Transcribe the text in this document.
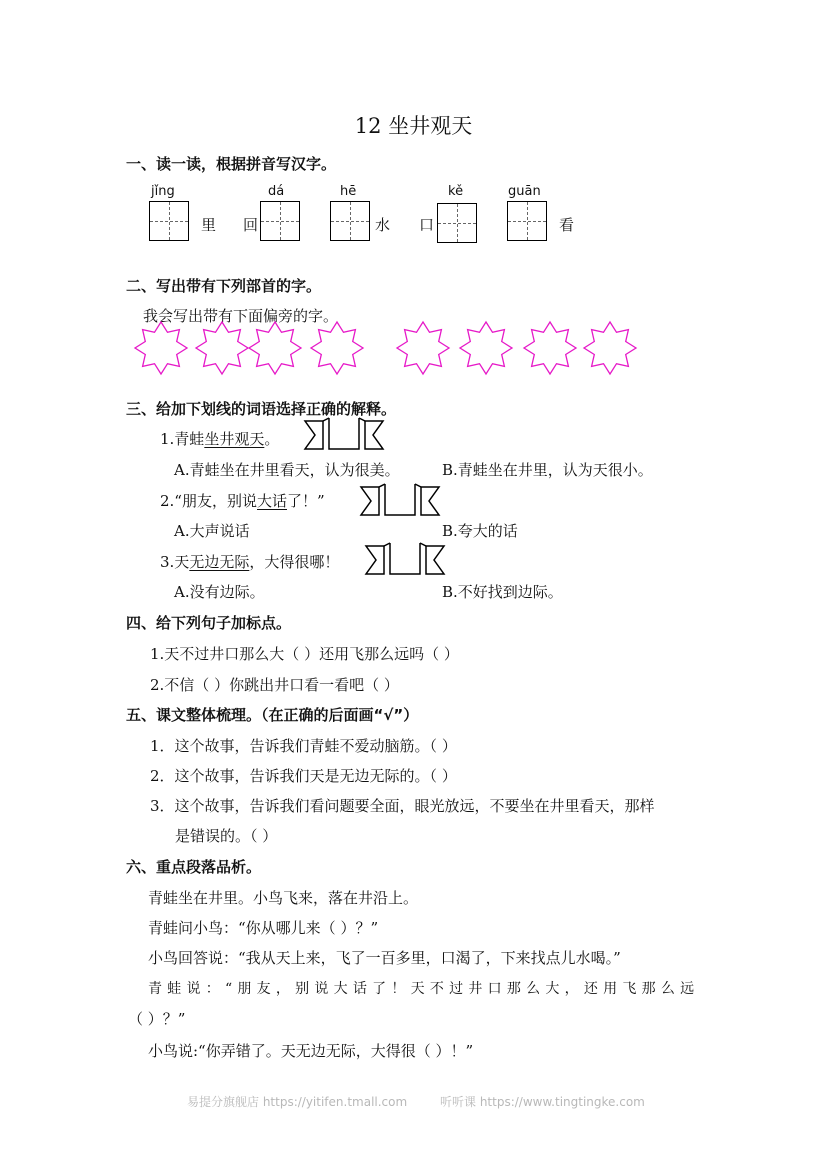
12 坐井观天
一、读一读，根据拼音写汉字。
jǐng
里 回
dá	hē
水 口
kě	guān
看
二、写出带有下列部首的字。
我会写出带有下面偏旁的字。
三、给加下划线的词语选择正确的解释。
1.青蛙坐井观天。
A.青蛙坐在井里看天，认为很美。	B.青蛙坐在井里，认为天很小。
2.“朋友，别说大话了！”
A.大声说话	B.夸大的话
3.天无边无际，大得很哪！
A.没有边际。	B.不好找到边际。
四、给下列句子加标点。
1.天不过井口那么大（ ）还用飞那么远吗（ ）
2.不信（ ）你跳出井口看一看吧（ ）
五、课文整体梳理。（在正确的后面画“√”）
1．这个故事，告诉我们青蛙不爱动脑筋。（ ）
2．这个故事，告诉我们天是无边无际的。（ ）
3．这个故事，告诉我们看问题要全面，眼光放远，不要坐在井里看天，那样
是错误的。（ ）
六、重点段落品析。
青蛙坐在井里。小鸟飞来，落在井沿上。
青蛙问小鸟：“你从哪儿来（ ）？”
小鸟回答说：“我从天上来，飞了一百多里，口渴了，下来找点儿水喝。”
青 蛙 说 ： “ 朋 友 ， 别 说 大 话 了 ！ 天 不 过 井 口 那 么 大 ， 还 用 飞 那 么 远
（ ）？”
小鸟说:“你弄错了。天无边无际，大得很（ ）！”
易提分旗舰店 https://yitifen.tmall.com	听听课 https://www.tingtingke.com
